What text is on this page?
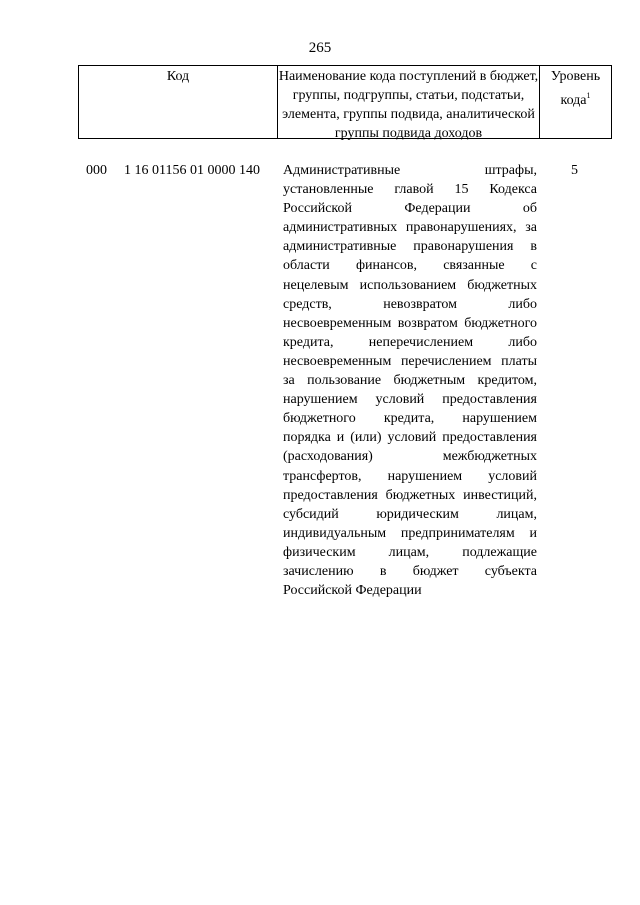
265
Код	Наименование кода поступлений в бюджет, группы, подгруппы, статьи, подстатьи, элемента, группы подвида, аналитической группы подвида доходов
Уровень кода$^1$
000 1 16 01156 01 0000 140 Административные штрафы, установленные главой 15 Кодекса Российской Федерации об административных правонарушениях, за административные правонарушения в области финансов, связанные с нецелевым использованием бюджетных средств, невозвратом либо несвоевременным возвратом бюджетного кредита, неперечислением либо несвоевременным перечислением платы за пользование бюджетным кредитом, нарушением условий предоставления бюджетного кредита, нарушением порядка и (или) условий предоставления (расходования) межбюджетных трансфертов, нарушением условий предоставления бюджетных инвестиций, субсидий юридическим лицам, индивидуальным предпринимателям и физическим лицам, подлежащие зачислению в бюджет субъекта Российской Федерации
5
